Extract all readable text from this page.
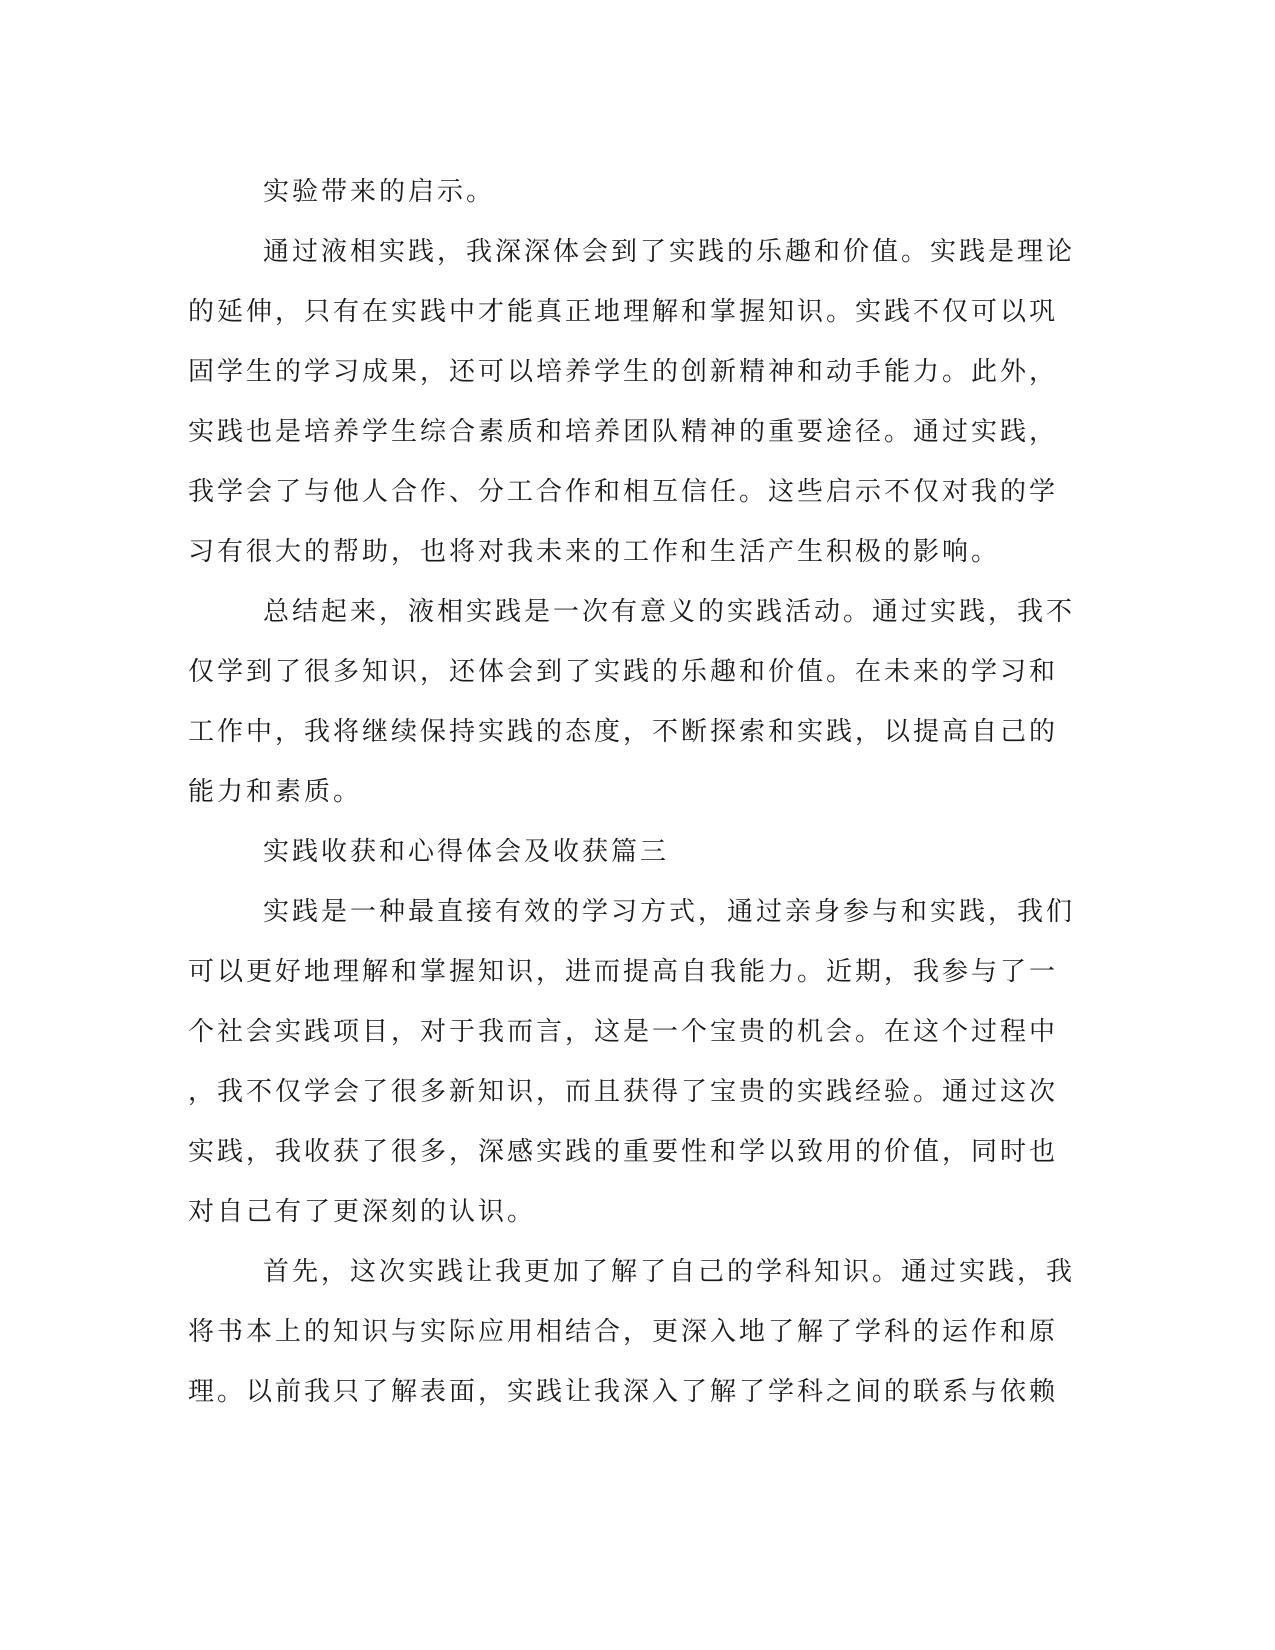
实验带来的启示。
通过液相实践，我深深体会到了实践的乐趣和价值。实践是理论
的延伸，只有在实践中才能真正地理解和掌握知识。实践不仅可以巩
固学生的学习成果，还可以培养学生的创新精神和动手能力。此外，
实践也是培养学生综合素质和培养团队精神的重要途径。通过实践，
我学会了与他人合作、分工合作和相互信任。这些启示不仅对我的学
习有很大的帮助，也将对我未来的工作和生活产生积极的影响。
总结起来，液相实践是一次有意义的实践活动。通过实践，我不
仅学到了很多知识，还体会到了实践的乐趣和价值。在未来的学习和
工作中，我将继续保持实践的态度，不断探索和实践，以提高自己的
能力和素质。
实践收获和心得体会及收获篇三
实践是一种最直接有效的学习方式，通过亲身参与和实践，我们
可以更好地理解和掌握知识，进而提高自我能力。近期，我参与了一
个社会实践项目，对于我而言，这是一个宝贵的机会。在这个过程中
，我不仅学会了很多新知识，而且获得了宝贵的实践经验。通过这次
实践，我收获了很多，深感实践的重要性和学以致用的价值，同时也
对自己有了更深刻的认识。
首先，这次实践让我更加了解了自己的学科知识。通过实践，我
将书本上的知识与实际应用相结合，更深入地了解了学科的运作和原
理。以前我只了解表面，实践让我深入了解了学科之间的联系与依赖
